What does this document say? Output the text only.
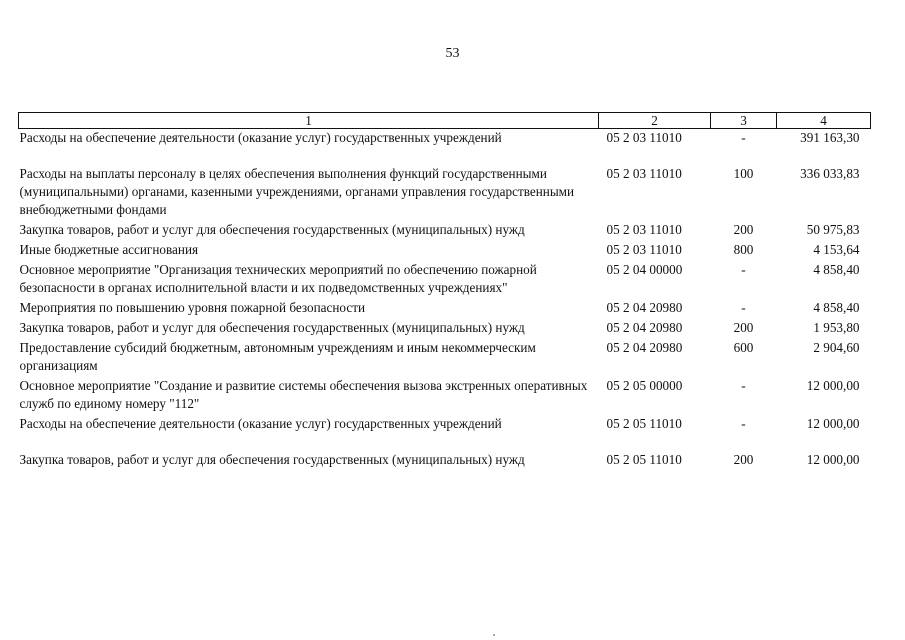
53
1	2	3	4
Расходы на обеспечение деятельности (оказание услуг) государственных учреждений	05 2 03 11010	-	391 163,30
Расходы на выплаты персоналу в целях обеспечения выполнения функций государственными (муниципальными) органами, казенными учреждениями, органами управления государственными внебюджетными фондами	05 2 03 11010	100	336 033,83
Закупка товаров, работ и услуг для обеспечения государственных (муниципальных) нужд	05 2 03 11010	200	50 975,83
Иные бюджетные ассигнования	05 2 03 11010	800	4 153,64
Основное мероприятие "Организация технических мероприятий по обеспечению пожарной безопасности в органах исполнительной власти и их подведомственных учреждениях"	05 2 04 00000	-	4 858,40
Мероприятия по повышению уровня пожарной безопасности	05 2 04 20980	-	4 858,40
Закупка товаров, работ и услуг для обеспечения государственных (муниципальных) нужд	05 2 04 20980	200	1 953,80
Предоставление субсидий бюджетным, автономным учреждениям и иным некоммерческим организациям	05 2 04 20980	600	2 904,60
Основное мероприятие "Создание и развитие системы обеспечения вызова экстренных оперативных служб по единому номеру "112"	05 2 05 00000	-	12 000,00
Расходы на обеспечение деятельности (оказание услуг) государственных учреждений	05 2 05 11010	-	12 000,00
Закупка товаров, работ и услуг для обеспечения государственных (муниципальных) нужд	05 2 05 11010	200	12 000,00
